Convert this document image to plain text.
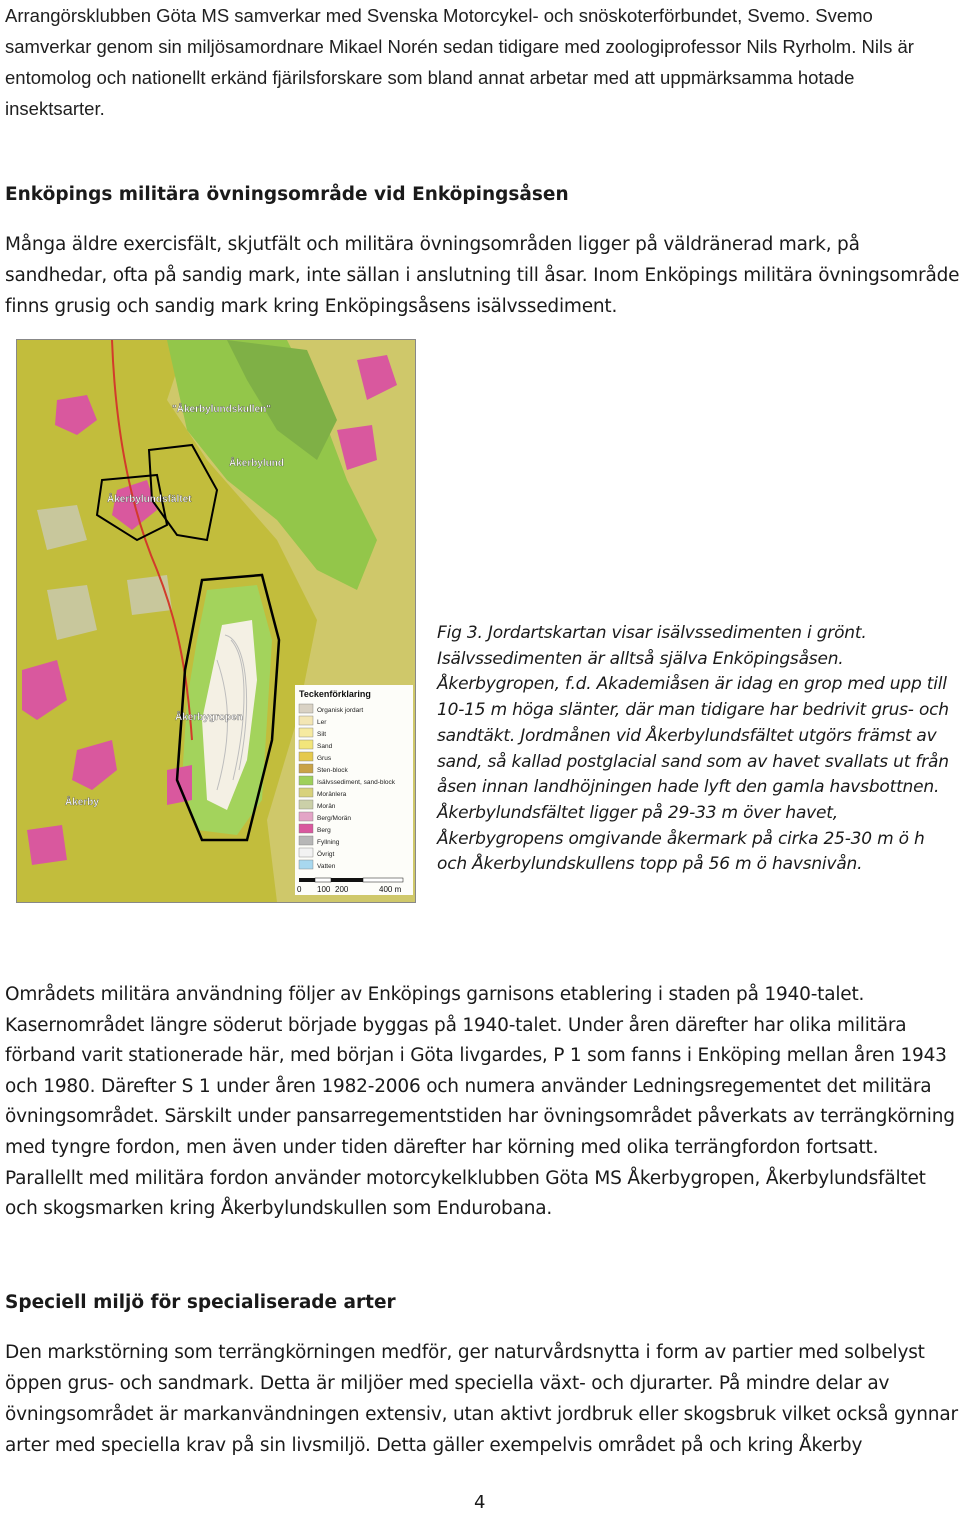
Arrangörsklubben Göta MS samverkar med Svenska Motorcykel- och snöskoterförbundet, Svemo. Svemo samverkar genom sin miljösamordnare Mikael Norén sedan tidigare med zoologiprofessor Nils Ryrholm. Nils är entomolog och nationellt erkänd fjärilsforskare som bland annat arbetar med att uppmärksamma hotade insektsarter.

Enköpings militära övningsområde vid Enköpingsåsen

Många äldre exercisfält, skjutfält och militära övningsområden ligger på väldränerad mark, på sandhedar, ofta på sandig mark, inte sällan i anslutning till åsar. Inom Enköpings militära övningsområde finns grusig och sandig mark kring Enköpingsåsens isälvssediment.

"Åkerbylundskullen"
Åkerbylund
Åkerbylundsfältet
Åkerbygropen
Åkerby
Teckenförklaring
Organisk jordart
Ler
Silt
Sand
Grus
Sten-block
Isälvssediment, sand-block
Moränlera
Morän
Berg/Morän
Berg
Fyllning
Övrigt
Vatten
0 100 200	400 m

Fig 3. Jordartskartan visar isälvssedimenten i grönt. Isälvssedimenten är alltså själva Enköpingsåsen. Åkerbygropen, f.d. Akademiåsen är idag en grop med upp till 10-15 m höga slänter, där man tidigare har bedrivit grus- och sandtäkt. Jordmånen vid Åkerbylundsfältet utgörs främst av sand, så kallad postglacial sand som av havet svallats ut från åsen innan landhöjningen hade lyft den gamla havsbottnen. Åkerbylundsfältet ligger på 29-33 m över havet, Åkerbygropens omgivande åkermark på cirka 25-30 m ö h och Åkerbylundskullens topp på 56 m ö havsnivån.

Områdets militära användning följer av Enköpings garnisons etablering i staden på 1940-talet. Kasernområdet längre söderut började byggas på 1940-talet. Under åren därefter har olika militära förband varit stationerade här, med början i Göta livgardes, P 1 som fanns i Enköping mellan åren 1943 och 1980. Därefter S 1 under åren 1982-2006 och numera använder Ledningsregementet det militära övningsområdet. Särskilt under pansarregementstiden har övningsområdet påverkats av terrängkörning med tyngre fordon, men även under tiden därefter har körning med olika terrängfordon fortsatt. Parallellt med militära fordon använder motorcykelklubben Göta MS Åkerbygropen, Åkerbylundsfältet och skogsmarken kring Åkerbylundskullen som Endurobana.

Speciell miljö för specialiserade arter

Den markstörning som terrängkörningen medför, ger naturvårdsnytta i form av partier med solbelyst öppen grus- och sandmark. Detta är miljöer med speciella växt- och djurarter. På mindre delar av övningsområdet är markanvändningen extensiv, utan aktivt jordbruk eller skogsbruk vilket också gynnar arter med speciella krav på sin livsmiljö. Detta gäller exempelvis området på och kring Åkerby

4
